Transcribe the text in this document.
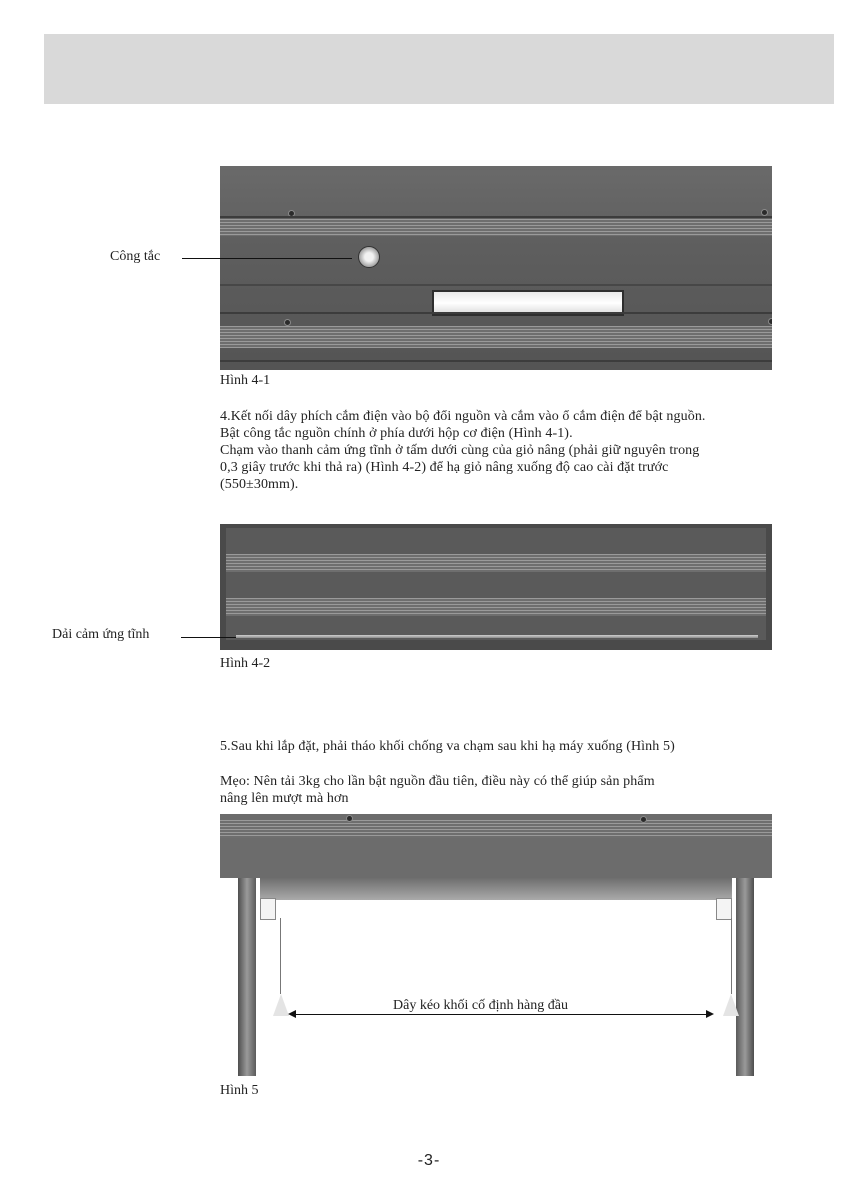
Công tắc
Hình 4-1
4.Kết nối dây phích cắm điện vào bộ đổi nguồn và cắm vào ổ cắm điện để bật nguồn.
Bật công tắc nguồn chính ở phía dưới hộp cơ điện (Hình 4-1).
Chạm vào thanh cảm ứng tĩnh ở tấm dưới cùng của giỏ nâng (phải giữ nguyên trong
0,3 giây trước khi thả ra) (Hình 4-2) để hạ giỏ nâng xuống độ cao cài đặt trước
(550±30mm).
Dải cảm ứng tĩnh
Hình 4-2
5.Sau khi lắp đặt, phải tháo khối chống va chạm sau khi hạ máy xuống (Hình 5)
Mẹo: Nên tải 3kg cho lần bật nguồn đầu tiên, điều này có thể giúp sản phẩm
nâng lên mượt mà hơn
Dây kéo khối cố định hàng đầu
Hình 5
-3-
